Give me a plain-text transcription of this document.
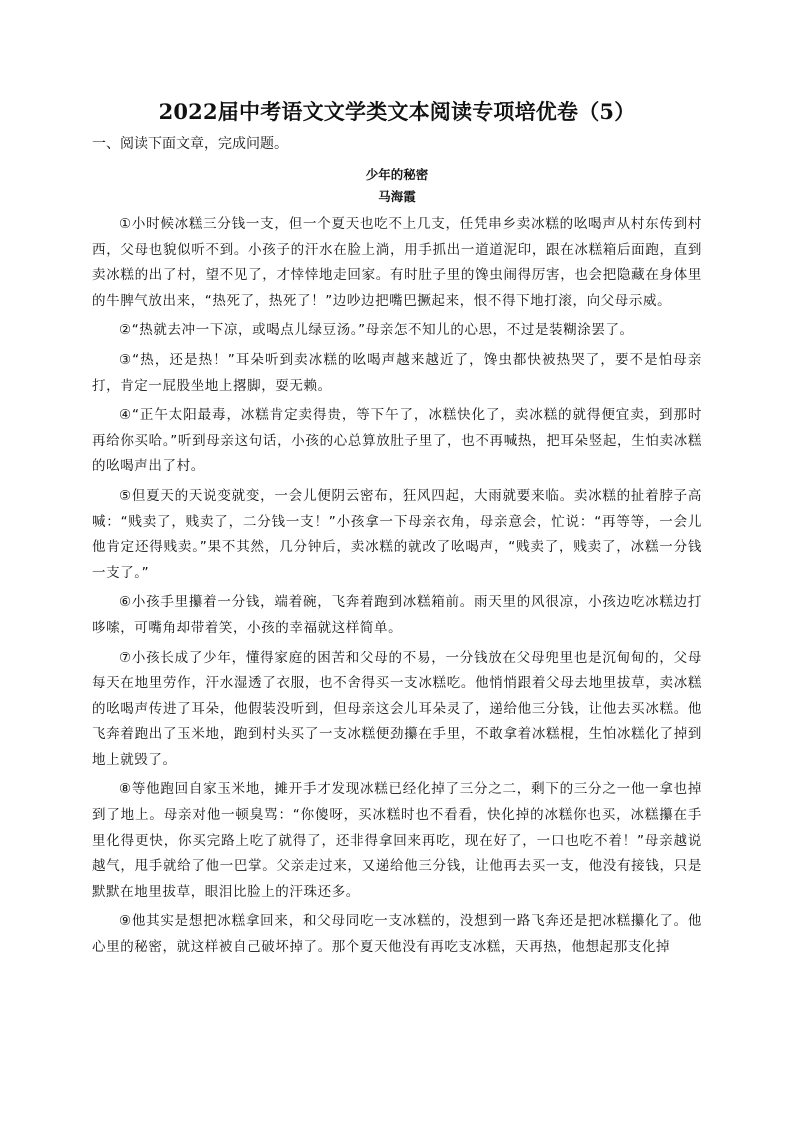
2022届中考语文文学类文本阅读专项培优卷（5）
一、阅读下面文章，完成问题。
少年的秘密
马海霞

①小时候冰糕三分钱一支，但一个夏天也吃不上几支，任凭串乡卖冰糕的吆喝声从村东传到村西，父母也貌似听不到。小孩子的汗水在脸上淌，用手抓出一道道泥印，跟在冰糕箱后面跑，直到卖冰糕的出了村，望不见了，才悻悻地走回家。有时肚子里的馋虫闹得厉害，也会把隐藏在身体里的牛脾气放出来，“热死了，热死了！”边吵边把嘴巴撅起来，恨不得下地打滚，向父母示威。

②“热就去冲一下凉，或喝点儿绿豆汤。”母亲怎不知儿的心思，不过是装糊涂罢了。

③“热，还是热！”耳朵听到卖冰糕的吆喝声越来越近了，馋虫都快被热哭了，要不是怕母亲打，肯定一屁股坐地上撂脚，耍无赖。

④“正午太阳最毒，冰糕肯定卖得贵，等下午了，冰糕快化了，卖冰糕的就得便宜卖，到那时再给你买哈。”听到母亲这句话，小孩的心总算放肚子里了，也不再喊热，把耳朵竖起，生怕卖冰糕的吆喝声出了村。

⑤但夏天的天说变就变，一会儿便阴云密布，狂风四起，大雨就要来临。卖冰糕的扯着脖子高喊：“贱卖了，贱卖了，二分钱一支！”小孩拿一下母亲衣角，母亲意会，忙说：“再等等，一会儿他肯定还得贱卖。”果不其然，几分钟后，卖冰糕的就改了吆喝声，“贱卖了，贱卖了，冰糕一分钱一支了。”

⑥小孩手里攥着一分钱，端着碗，飞奔着跑到冰糕箱前。雨天里的风很凉，小孩边吃冰糕边打哆嗦，可嘴角却带着笑，小孩的幸福就这样简单。

⑦小孩长成了少年，懂得家庭的困苦和父母的不易，一分钱放在父母兜里也是沉甸甸的，父母每天在地里劳作，汗水湿透了衣服，也不舍得买一支冰糕吃。他悄悄跟着父母去地里拔草，卖冰糕的吆喝声传进了耳朵，他假装没听到，但母亲这会儿耳朵灵了，递给他三分钱，让他去买冰糕。他飞奔着跑出了玉米地，跑到村头买了一支冰糕便劲攥在手里，不敢拿着冰糕棍，生怕冰糕化了掉到地上就毁了。

⑧等他跑回自家玉米地，摊开手才发现冰糕已经化掉了三分之二，剩下的三分之一他一拿也掉到了地上。母亲对他一顿臭骂：“你傻呀，买冰糕时也不看看，快化掉的冰糕你也买，冰糕攥在手里化得更快，你买完路上吃了就得了，还非得拿回来再吃，现在好了，一口也吃不着！”母亲越说越气，甩手就给了他一巴掌。父亲走过来，又递给他三分钱，让他再去买一支，他没有接钱，只是默默在地里拔草，眼泪比脸上的汗珠还多。

⑨他其实是想把冰糕拿回来，和父母同吃一支冰糕的，没想到一路飞奔还是把冰糕攥化了。他心里的秘密，就这样被自己破坏掉了。那个夏天他没有再吃支冰糕，天再热，他想起那支化掉
